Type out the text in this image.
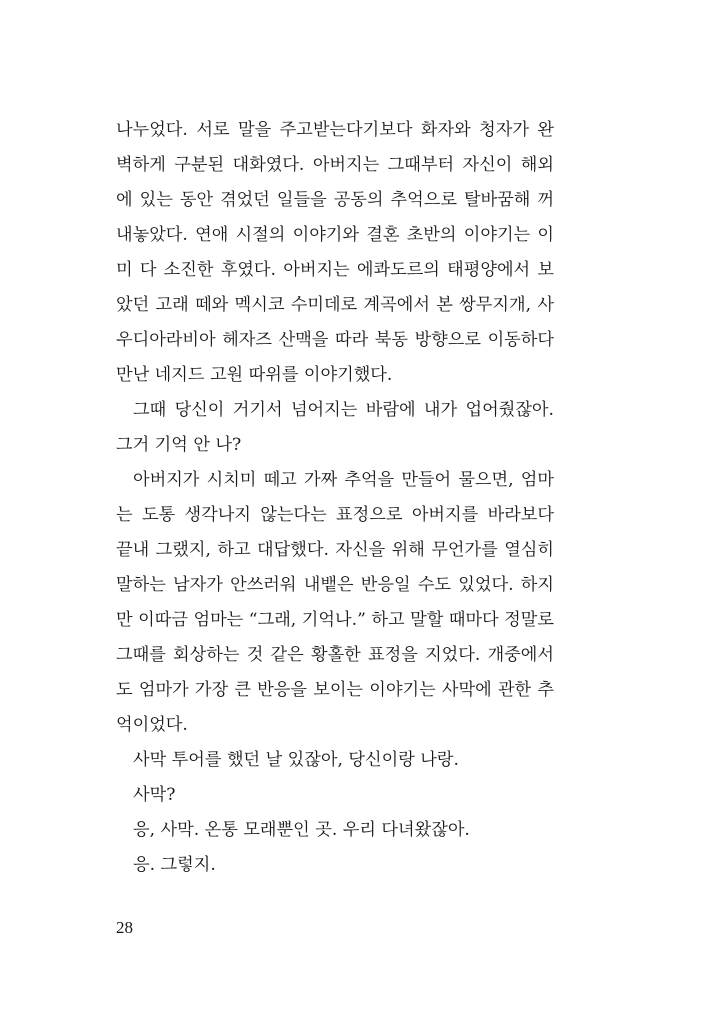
나누었다. 서로 말을 주고받는다기보다 화자와 청자가 완
벽하게 구분된 대화였다. 아버지는 그때부터 자신이 해외
에 있는 동안 겪었던 일들을 공동의 추억으로 탈바꿈해 꺼
내놓았다. 연애 시절의 이야기와 결혼 초반의 이야기는 이
미 다 소진한 후였다. 아버지는 에콰도르의 태평양에서 보
았던 고래 떼와 멕시코 수미데로 계곡에서 본 쌍무지개, 사
우디아라비아 헤자즈 산맥을 따라 북동 방향으로 이동하다
만난 네지드 고원 따위를 이야기했다.
그때 당신이 거기서 넘어지는 바람에 내가 업어줬잖아.
그거 기억 안 나?
아버지가 시치미 떼고 가짜 추억을 만들어 물으면, 엄마
는 도통 생각나지 않는다는 표정으로 아버지를 바라보다
끝내 그랬지, 하고 대답했다. 자신을 위해 무언가를 열심히
말하는 남자가 안쓰러워 내뱉은 반응일 수도 있었다. 하지
만 이따금 엄마는 “그래, 기억나.” 하고 말할 때마다 정말로
그때를 회상하는 것 같은 황홀한 표정을 지었다. 개중에서
도 엄마가 가장 큰 반응을 보이는 이야기는 사막에 관한 추
억이었다.
사막 투어를 했던 날 있잖아, 당신이랑 나랑.
사막?
응, 사막. 온통 모래뿐인 곳. 우리 다녀왔잖아.
응. 그렇지.
28
